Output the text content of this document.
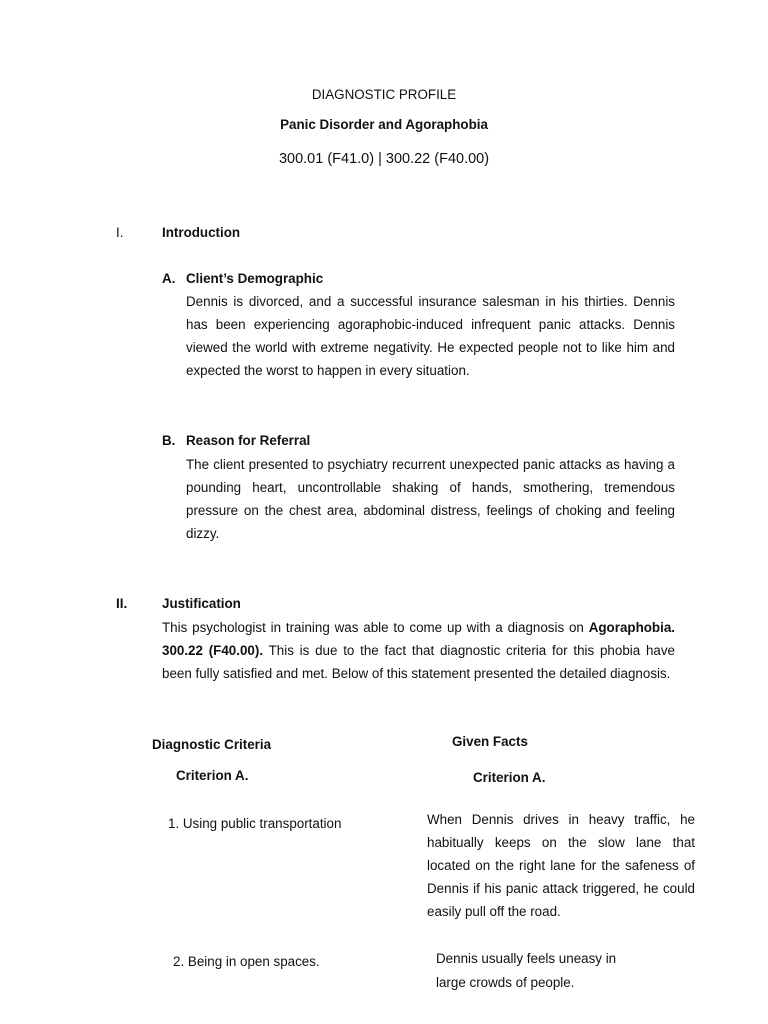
DIAGNOSTIC PROFILE
Panic Disorder and Agoraphobia
300.01 (F41.0) | 300.22 (F40.00)
I.	Introduction
A. Client’s Demographic
Dennis is divorced, and a successful insurance salesman in his thirties. Dennis has been experiencing agoraphobic-induced infrequent panic attacks. Dennis viewed the world with extreme negativity. He expected people not to like him and expected the worst to happen in every situation.
B. Reason for Referral
The client presented to psychiatry recurrent unexpected panic attacks as having a pounding heart, uncontrollable shaking of hands, smothering, tremendous pressure on the chest area, abdominal distress, feelings of choking and feeling dizzy.
II.	Justification
This psychologist in training was able to come up with a diagnosis on Agoraphobia. 300.22 (F40.00). This is due to the fact that diagnostic criteria for this phobia have been fully satisfied and met. Below of this statement presented the detailed diagnosis.
Diagnostic Criteria	Given Facts
Criterion A.	Criterion A.
1. Using public transportation	When Dennis drives in heavy traffic, he habitually keeps on the slow lane that located on the right lane for the safeness of Dennis if his panic attack triggered, he could easily pull off the road.
2. Being in open spaces.	Dennis usually feels uneasy in
large crowds of people.
